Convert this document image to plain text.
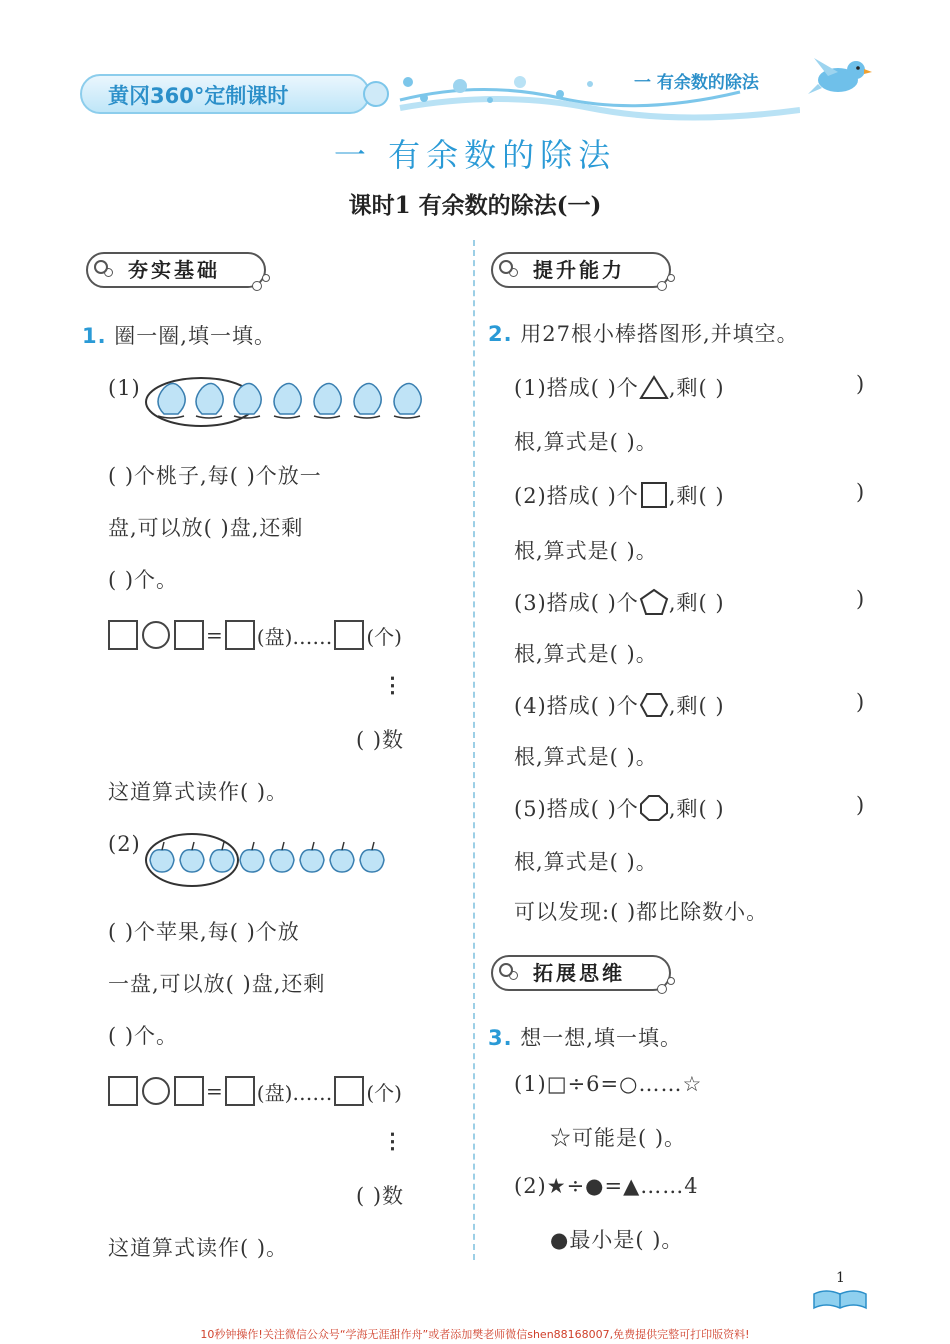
黄冈360°定制课时
一 有余数的除法
一 有余数的除法
课时1 有余数的除法(一)
夯实基础	提升能力
拓展思维
1. 圈一圈,填一填。
(1)
( )个桃子,每( )个放一
盘,可以放( )盘,还剩
( )个。
= (盘)…… (个)
⋮
( )数
这道算式读作( )。
(2)
( )个苹果,每( )个放
一盘,可以放( )盘,还剩
( )个。
= (盘)…… (个)
⋮
( )数
这道算式读作( )。
2. 用27根小棒搭图形,并填空。
(1)搭成( )个 ,剩( )	)
根,算式是( )。
(2)搭成( )个 ,剩( )	)
根,算式是( )。
(3)搭成( )个 ,剩( )	)
根,算式是( )。
(4)搭成( )个 ,剩( )	)
根,算式是( )。
(5)搭成( )个 ,剩( )	)
根,算式是( )。
可以发现:( )都比除数小。
3. 想一想,填一填。
(1)□÷6=○……☆
☆可能是( )。
(2)★÷●=▲……4
●最小是( )。
1
10秒钟操作!关注微信公众号“学海无涯甜作舟”或者添加樊老师微信shen88168007,免费提供完整可打印版资料!
